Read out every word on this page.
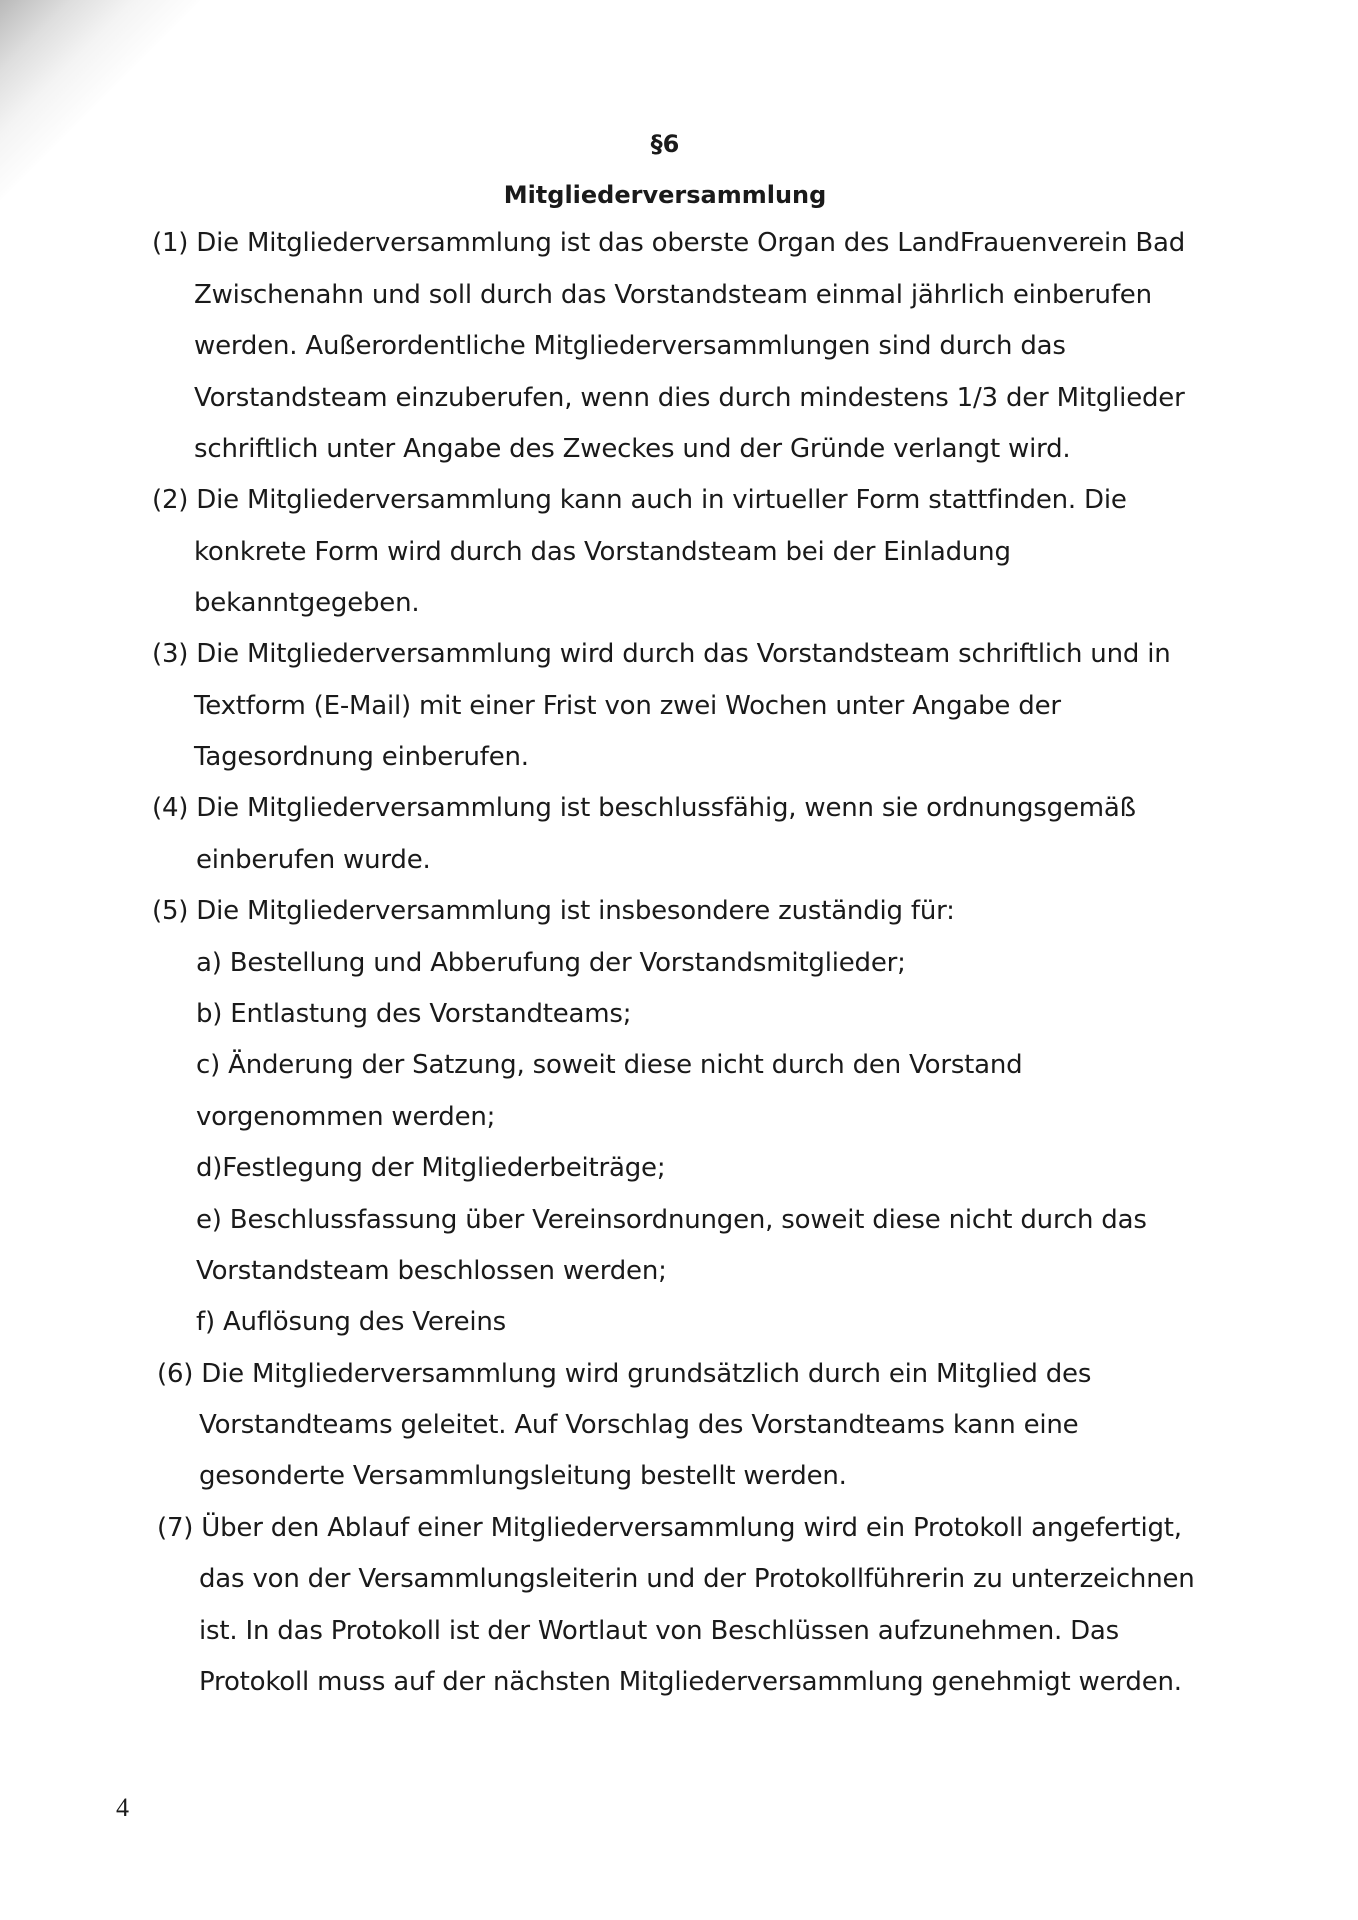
§6
Mitgliederversammlung
(1) Die Mitgliederversammlung ist das oberste Organ des LandFrauenverein Bad
Zwischenahn und soll durch das Vorstandsteam einmal jährlich einberufen
werden. Außerordentliche Mitgliederversammlungen sind durch das
Vorstandsteam einzuberufen, wenn dies durch mindestens 1/3 der Mitglieder
schriftlich unter Angabe des Zweckes und der Gründe verlangt wird.
(2) Die Mitgliederversammlung kann auch in virtueller Form stattfinden. Die
konkrete Form wird durch das Vorstandsteam bei der Einladung
bekanntgegeben.
(3) Die Mitgliederversammlung wird durch das Vorstandsteam schriftlich und in
Textform (E-Mail) mit einer Frist von zwei Wochen unter Angabe der
Tagesordnung einberufen.
(4) Die Mitgliederversammlung ist beschlussfähig, wenn sie ordnungsgemäß
einberufen wurde.
(5) Die Mitgliederversammlung ist insbesondere zuständig für:
a) Bestellung und Abberufung der Vorstandsmitglieder;
b) Entlastung des Vorstandteams;
c) Änderung der Satzung, soweit diese nicht durch den Vorstand
vorgenommen werden;
d)Festlegung der Mitgliederbeiträge;
e) Beschlussfassung über Vereinsordnungen, soweit diese nicht durch das
Vorstandsteam beschlossen werden;
f) Auflösung des Vereins
(6) Die Mitgliederversammlung wird grundsätzlich durch ein Mitglied des
Vorstandteams geleitet. Auf Vorschlag des Vorstandteams kann eine
gesonderte Versammlungsleitung bestellt werden.
(7) Über den Ablauf einer Mitgliederversammlung wird ein Protokoll angefertigt,
das von der Versammlungsleiterin und der Protokollführerin zu unterzeichnen
ist. In das Protokoll ist der Wortlaut von Beschlüssen aufzunehmen. Das
Protokoll muss auf der nächsten Mitgliederversammlung genehmigt werden.
4
